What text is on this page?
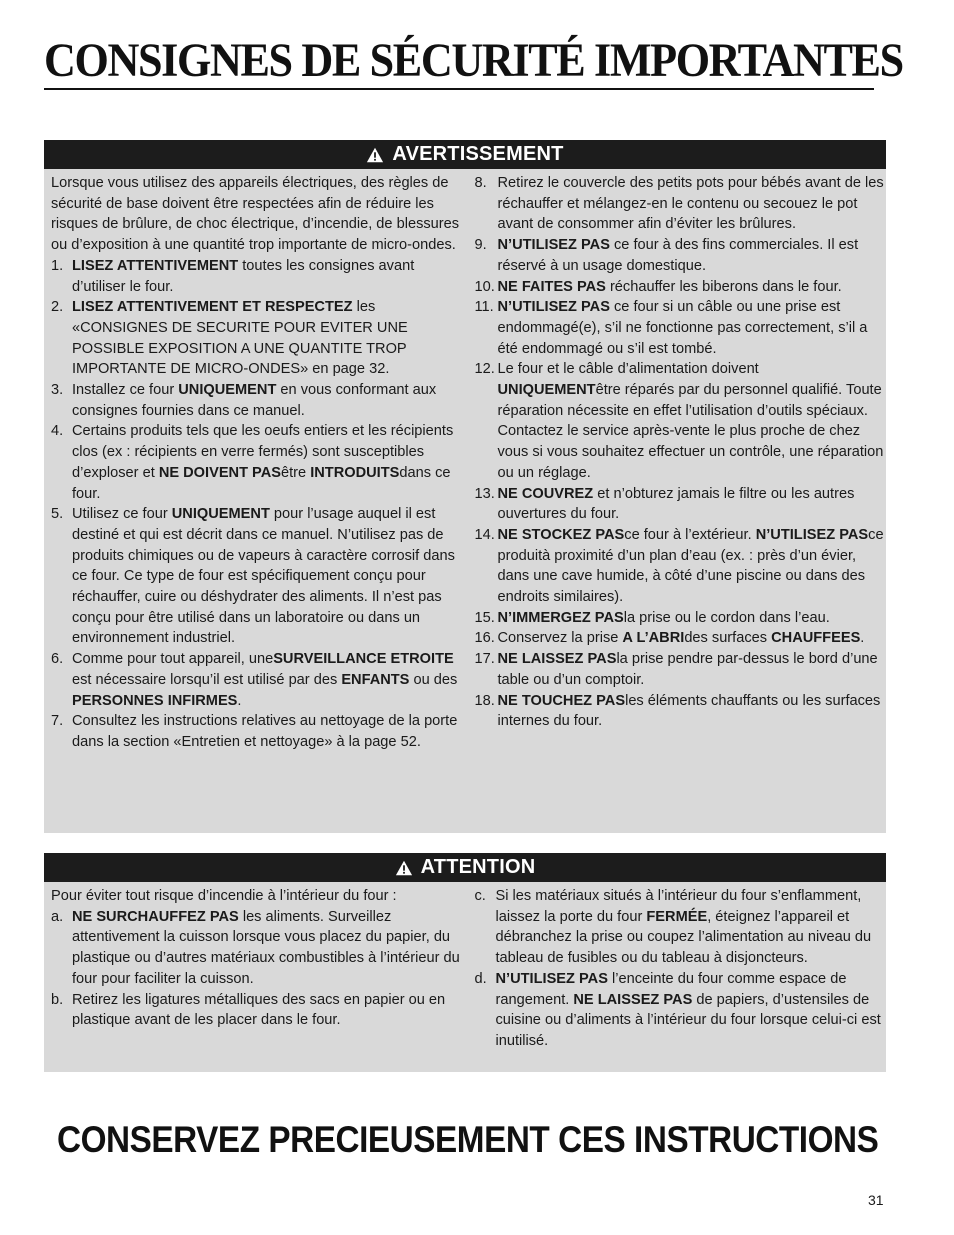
CONSIGNES DE SÉCURITÉ IMPORTANTES
AVERTISSEMENT

Lorsque vous utilisez des appareils électriques, des règles de sécurité de base doivent être respectées afin de réduire les risques de brûlure, de choc électrique, d’incendie, de blessures ou d’exposition à une quantité trop importante de micro-ondes.

1. LISEZ ATTENTIVEMENT toutes les consignes avant d’utiliser le four.
2. LISEZ ATTENTIVEMENT ET RESPECTEZ les «CONSIGNES DE SECURITE POUR EVITER UNE POSSIBLE EXPOSITION A UNE QUANTITE TROP IMPORTANTE DE MICRO-ONDES» en page 32.
3. Installez ce four UNIQUEMENT en vous conformant aux consignes fournies dans ce manuel.
4. Certains produits tels que les oeufs entiers et les récipients clos (ex : récipients en verre fermés) sont susceptibles d’exploser et NE DOIVENT PASêtre INTRODUITSdans ce four.
5. Utilisez ce four UNIQUEMENT pour l’usage auquel il est destiné et qui est décrit dans ce manuel. N’utilisez pas de produits chimiques ou de vapeurs à caractère corrosif dans ce four. Ce type de four est spécifiquement conçu pour réchauffer, cuire ou déshydrater des aliments. Il n’est pas conçu pour être utilisé dans un laboratoire ou dans un environnement industriel.
6. Comme pour tout appareil, uneSURVEILLANCE ETROITE est nécessaire lorsqu’il est utilisé par des ENFANTS ou des PERSONNES INFIRMES.
7. Consultez les instructions relatives au nettoyage de la porte dans la section «Entretien et nettoyage» à la page 52.
8. Retirez le couvercle des petits pots pour bébés avant de les réchauffer et mélangez-en le contenu ou secouez le pot avant de consommer afin d’éviter les brûlures.
9. N’UTILISEZ PAS ce four à des fins commerciales. Il est réservé à un usage domestique.
10. NE FAITES PAS réchauffer les biberons dans le four.
11. N’UTILISEZ PAS ce four si un câble ou une prise est endommagé(e), s’il ne fonctionne pas correctement, s’il a été endommagé ou s’il est tombé.
12. Le four et le câble d’alimentation doivent UNIQUEMENTêtre réparés par du personnel qualifié. Toute réparation nécessite en effet l’utilisation d’outils spéciaux. Contactez le service après-vente le plus proche de chez vous si vous souhaitez effectuer un contrôle, une réparation ou un réglage.
13. NE COUVREZ et n’obturez jamais le filtre ou les autres ouvertures du four.
14. NE STOCKEZ PASce four à l’extérieur. N’UTILISEZ PASce produità proximité d’un plan d’eau (ex. : près d’un évier, dans une cave humide, à côté d’une piscine ou dans des endroits similaires).
15. N’IMMERGEZ PASla prise ou le cordon dans l’eau.
16. Conservez la prise A L’ABRIdes surfaces CHAUFFEES.
17. NE LAISSEZ PASla prise pendre par-dessus le bord d’une table ou d’un comptoir.
18. NE TOUCHEZ PASles éléments chauffants ou les surfaces internes du four.
ATTENTION

Pour éviter tout risque d’incendie à l’intérieur du four :

a. NE SURCHAUFFEZ PAS les aliments. Surveillez attentivement la cuisson lorsque vous placez du papier, du plastique ou d’autres matériaux combustibles à l’intérieur du four pour faciliter la cuisson.
b. Retirez les ligatures métalliques des sacs en papier ou en plastique avant de les placer dans le four.
c. Si les matériaux situés à l’intérieur du four s’enflamment, laissez la porte du four FERMÉE, éteignez l’appareil et débranchez la prise ou coupez l’alimentation au niveau du tableau de fusibles ou du tableau à disjoncteurs.
d. N’UTILISEZ PAS l’enceinte du four comme espace de rangement. NE LAISSEZ PAS de papiers, d’ustensiles de cuisine ou d’aliments à l’intérieur du four lorsque celui-ci est inutilisé.
CONSERVEZ PRECIEUSEMENT CES INSTRUCTIONS
31
